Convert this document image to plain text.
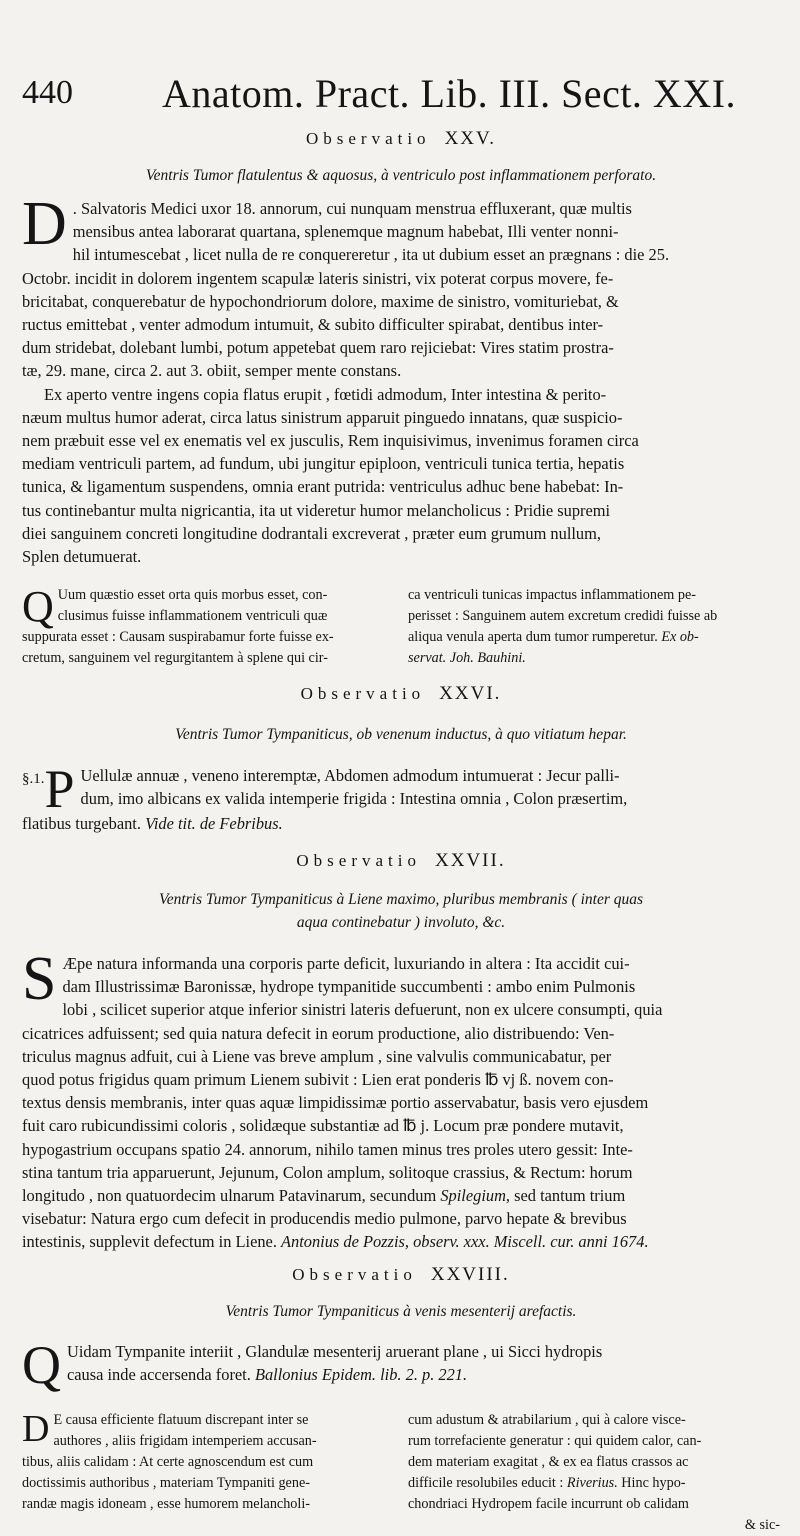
440 Anatom. Pract. Lib. III. Sect. XXI.

Observatio XXV.

Ventris Tumor flatulentus & aquosus, à ventriculo post inflammationem perforato.

D . Salvatoris Medici uxor 18. annorum, cui nunquam menstrua effluxerant, quæ multis
mensibus antea laborarat quartana, splenemque magnum habebat, Illi venter nonni-
hil intumescebat , licet nulla de re conquereretur , ita ut dubium esset an prægnans : die 25.
Octobr. incidit in dolorem ingentem scapulæ lateris sinistri, vix poterat corpus movere, fe-
bricitabat, conquerebatur de hypochondriorum dolore, maxime de sinistro, vomituriebat, &
ructus emittebat , venter admodum intumuit, & subito difficulter spirabat, dentibus inter-
dum stridebat, dolebant lumbi, potum appetebat quem raro rejiciebat: Vires statim prostra-
tæ, 29. mane, circa 2. aut 3. obiit, semper mente constans.
Ex aperto ventre ingens copia flatus erupit , fœtidi admodum, Inter intestina & perito-
næum multus humor aderat, circa latus sinistrum apparuit pinguedo innatans, quæ suspicio-
nem præbuit esse vel ex enematis vel ex jusculis, Rem inquisivimus, invenimus foramen circa
mediam ventriculi partem, ad fundum, ubi jungitur epiploon, ventriculi tunica tertia, hepatis
tunica, & ligamentum suspendens, omnia erant putrida: ventriculus adhuc bene habebat: In-
tus continebantur multa nigricantia, ita ut videretur humor melancholicus : Pridie supremi
diei sanguinem concreti longitudine dodrantali excreverat , præter eum grumum nullum,
Splen detumuerat.
Q Uum quæstio esset orta quis morbus esset, con-
clusimus fuisse inflammationem ventriculi quæ
suppurata esset : Causam suspirabamur forte fuisse ex-
cretum, sanguinem vel regurgitantem à splene qui cir-
ca ventriculi tunicas impactus inflammationem pe-
perisset : Sanguinem autem excretum credidi fuisse ab
aliqua venula aperta dum tumor rumperetur. Ex ob-
servat. Joh. Bauhini.

Observatio XXVI.

Ventris Tumor Tympaniticus, ob venenum inductus, à quo vitiatum hepar.

§.1. P Uellulæ annuæ , veneno interemptæ, Abdomen admodum intumuerat : Jecur palli-
dum, imo albicans ex valida intemperie frigida : Intestina omnia , Colon præsertim,
flatibus turgebant. Vide tit. de Febribus.

Observatio XXVII.

Ventris Tumor Tympaniticus à Liene maximo, pluribus membranis ( inter quas

aqua continebatur ) involuto, &c.

S Æpe natura informanda una corporis parte deficit, luxuriando in altera : Ita accidit cui-
dam Illustrissimæ Baronissæ, hydrope tympanitide succumbenti : ambo enim Pulmonis
lobi , scilicet superior atque inferior sinistri lateris defuerunt, non ex ulcere consumpti, quia
cicatrices adfuissent; sed quia natura defecit in eorum productione, alio distribuendo: Ven-
triculus magnus adfuit, cui à Liene vas breve amplum , sine valvulis communicabatur, per
quod potus frigidus quam primum Lienem subivit : Lien erat ponderis ℔ vj ß. novem con-
textus densis membranis, inter quas aquæ limpidissimæ portio asservabatur, basis vero ejusdem
fuit caro rubicundissimi coloris , solidæque substantiæ ad ℔ j. Locum præ pondere mutavit,
hypogastrium occupans spatio 24. annorum, nihilo tamen minus tres proles utero gessit: Inte-
stina tantum tria apparuerunt, Jejunum, Colon amplum, solitoque crassius, & Rectum: horum
longitudo , non quatuordecim ulnarum Patavinarum, secundum Spilegium, sed tantum trium
visebatur: Natura ergo cum defecit in producendis medio pulmone, parvo hepate & brevibus
intestinis, supplevit defectum in Liene. Antonius de Pozzis, observ. xxx. Miscell. cur. anni 1674.

Observatio XXVIII.

Ventris Tumor Tympaniticus à venis mesenterij arefactis.

Q Uidam Tympanite interiit , Glandulæ mesenterij aruerant plane , ui Sicci hydropis
causa inde accersenda foret. Ballonius Epidem. lib. 2. p. 221.
D E causa efficiente flatuum discrepant inter se
authores , aliis frigidam intemperiem accusan-
tibus, aliis calidam : At certe agnoscendum est cum
doctissimis authoribus , materiam Tympaniti gene-
randæ magis idoneam , esse humorem melancholi-
cum adustum & atrabilarium , qui à calore visce-
rum torrefaciente generatur : qui quidem calor, can-
dem materiam exagitat , & ex ea flatus crassos ac
difficile resolubiles educit : Riverius. Hinc hypo-
chondriaci Hydropem facile incurrunt ob calidam
& sic-
